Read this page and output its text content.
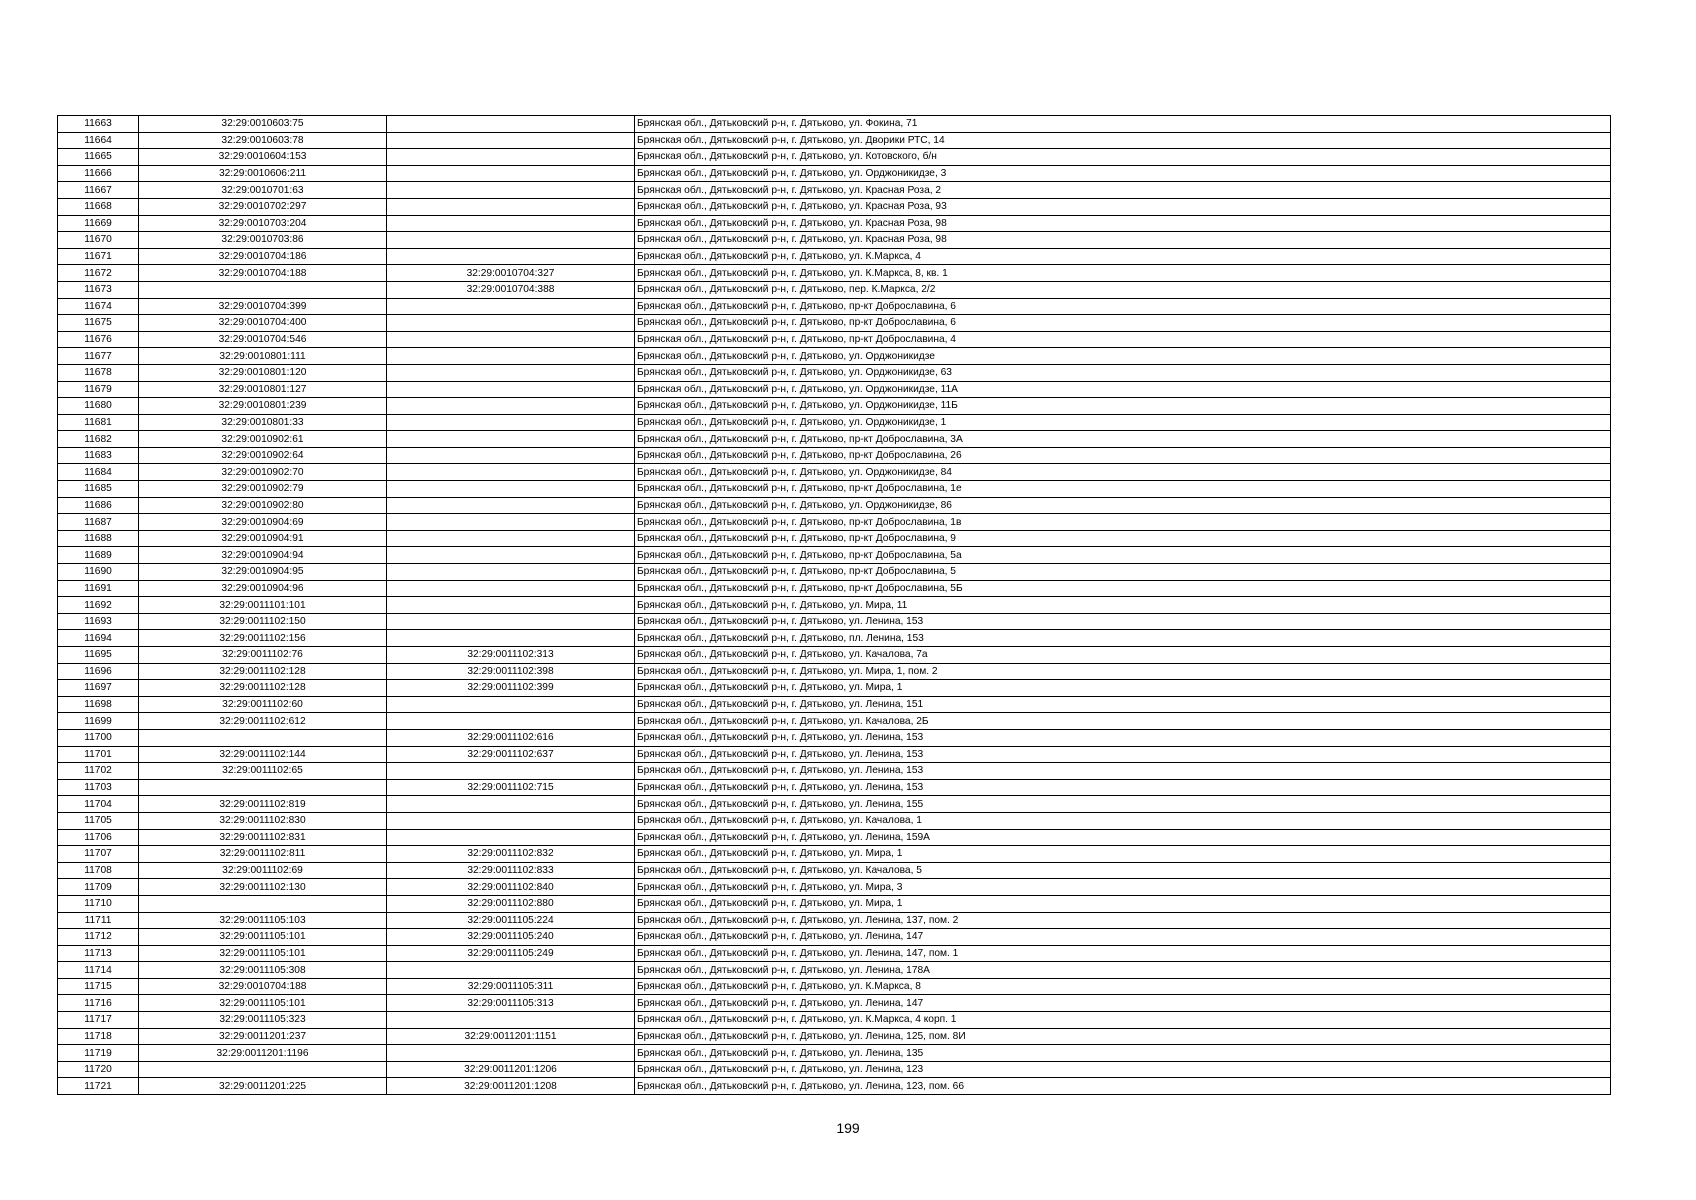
11663	32:29:0010603:75		Брянская обл., Дятьковский р-н, г. Дятьково, ул. Фокина, 71
11664	32:29:0010603:78		Брянская обл., Дятьковский р-н, г. Дятьково, ул. Дворики РТС, 14
11665	32:29:0010604:153		Брянская обл., Дятьковский р-н, г. Дятьково, ул. Котовского, б/н
11666	32:29:0010606:211		Брянская обл., Дятьковский р-н, г. Дятьково, ул. Орджоникидзе, 3
11667	32:29:0010701:63		Брянская обл., Дятьковский р-н, г. Дятьково, ул. Красная Роза, 2
11668	32:29:0010702:297		Брянская обл., Дятьковский р-н, г. Дятьково, ул. Красная Роза, 93
11669	32:29:0010703:204		Брянская обл., Дятьковский р-н, г. Дятьково, ул. Красная Роза, 98
11670	32:29:0010703:86		Брянская обл., Дятьковский р-н, г. Дятьково, ул. Красная Роза, 98
11671	32:29:0010704:186		Брянская обл., Дятьковский р-н, г. Дятьково, ул. К.Маркса, 4
11672	32:29:0010704:188	32:29:0010704:327	Брянская обл., Дятьковский р-н, г. Дятьково, ул. К.Маркса, 8, кв. 1
11673		32:29:0010704:388	Брянская обл., Дятьковский р-н, г. Дятьково, пер. К.Маркса, 2/2
11674	32:29:0010704:399		Брянская обл., Дятьковский р-н, г. Дятьково, пр-кт Доброславина, 6
11675	32:29:0010704:400		Брянская обл., Дятьковский р-н, г. Дятьково, пр-кт Доброславина, 6
11676	32:29:0010704:546		Брянская обл., Дятьковский р-н, г. Дятьково, пр-кт Доброславина, 4
11677	32:29:0010801:111		Брянская обл., Дятьковский р-н, г. Дятьково, ул. Орджоникидзе
11678	32:29:0010801:120		Брянская обл., Дятьковский р-н, г. Дятьково, ул. Орджоникидзе, 63
11679	32:29:0010801:127		Брянская обл., Дятьковский р-н, г. Дятьково, ул. Орджоникидзе, 11А
11680	32:29:0010801:239		Брянская обл., Дятьковский р-н, г. Дятьково, ул. Орджоникидзе, 11Б
11681	32:29:0010801:33		Брянская обл., Дятьковский р-н, г. Дятьково, ул. Орджоникидзе, 1
11682	32:29:0010902:61		Брянская обл., Дятьковский р-н, г. Дятьково, пр-кт Доброславина, 3А
11683	32:29:0010902:64		Брянская обл., Дятьковский р-н, г. Дятьково, пр-кт Доброславина, 26
11684	32:29:0010902:70		Брянская обл., Дятьковский р-н, г. Дятьково, ул. Орджоникидзе, 84
11685	32:29:0010902:79		Брянская обл., Дятьковский р-н, г. Дятьково, пр-кт Доброславина, 1е
11686	32:29:0010902:80		Брянская обл., Дятьковский р-н, г. Дятьково, ул. Орджоникидзе, 86
11687	32:29:0010904:69		Брянская обл., Дятьковский р-н, г. Дятьково, пр-кт Доброславина, 1в
11688	32:29:0010904:91		Брянская обл., Дятьковский р-н, г. Дятьково, пр-кт Доброславина, 9
11689	32:29:0010904:94		Брянская обл., Дятьковский р-н, г. Дятьково, пр-кт Доброславина, 5а
11690	32:29:0010904:95		Брянская обл., Дятьковский р-н, г. Дятьково, пр-кт Доброславина, 5
11691	32:29:0010904:96		Брянская обл., Дятьковский р-н, г. Дятьково, пр-кт Доброславина, 5Б
11692	32:29:0011101:101		Брянская обл., Дятьковский р-н, г. Дятьково, ул. Мира, 11
11693	32:29:0011102:150		Брянская обл., Дятьковский р-н, г. Дятьково, ул. Ленина, 153
11694	32:29:0011102:156		Брянская обл., Дятьковский р-н, г. Дятьково, пл. Ленина, 153
11695	32:29:0011102:76	32:29:0011102:313	Брянская обл., Дятьковский р-н, г. Дятьково, ул. Качалова, 7а
11696	32:29:0011102:128	32:29:0011102:398	Брянская обл., Дятьковский р-н, г. Дятьково, ул. Мира, 1, пом. 2
11697	32:29:0011102:128	32:29:0011102:399	Брянская обл., Дятьковский р-н, г. Дятьково, ул. Мира, 1
11698	32:29:0011102:60		Брянская обл., Дятьковский р-н, г. Дятьково, ул. Ленина, 151
11699	32:29:0011102:612		Брянская обл., Дятьковский р-н, г. Дятьково, ул. Качалова, 2Б
11700		32:29:0011102:616	Брянская обл., Дятьковский р-н, г. Дятьково, ул. Ленина, 153
11701	32:29:0011102:144	32:29:0011102:637	Брянская обл., Дятьковский р-н, г. Дятьково, ул. Ленина, 153
11702	32:29:0011102:65		Брянская обл., Дятьковский р-н, г. Дятьково, ул. Ленина, 153
11703		32:29:0011102:715	Брянская обл., Дятьковский р-н, г. Дятьково, ул. Ленина, 153
11704	32:29:0011102:819		Брянская обл., Дятьковский р-н, г. Дятьково, ул. Ленина, 155
11705	32:29:0011102:830		Брянская обл., Дятьковский р-н, г. Дятьково, ул. Качалова, 1
11706	32:29:0011102:831		Брянская обл., Дятьковский р-н, г. Дятьково, ул. Ленина, 159А
11707	32:29:0011102:811	32:29:0011102:832	Брянская обл., Дятьковский р-н, г. Дятьково, ул. Мира, 1
11708	32:29:0011102:69	32:29:0011102:833	Брянская обл., Дятьковский р-н, г. Дятьково, ул. Качалова, 5
11709	32:29:0011102:130	32:29:0011102:840	Брянская обл., Дятьковский р-н, г. Дятьково, ул. Мира, 3
11710		32:29:0011102:880	Брянская обл., Дятьковский р-н, г. Дятьково, ул. Мира, 1
11711	32:29:0011105:103	32:29:0011105:224	Брянская обл., Дятьковский р-н, г. Дятьково, ул. Ленина, 137, пом. 2
11712	32:29:0011105:101	32:29:0011105:240	Брянская обл., Дятьковский р-н, г. Дятьково, ул. Ленина, 147
11713	32:29:0011105:101	32:29:0011105:249	Брянская обл., Дятьковский р-н, г. Дятьково, ул. Ленина, 147, пом. 1
11714	32:29:0011105:308		Брянская обл., Дятьковский р-н, г. Дятьково, ул. Ленина, 178А
11715	32:29:0010704:188	32:29:0011105:311	Брянская обл., Дятьковский р-н, г. Дятьково, ул. К.Маркса, 8
11716	32:29:0011105:101	32:29:0011105:313	Брянская обл., Дятьковский р-н, г. Дятьково, ул. Ленина, 147
11717	32:29:0011105:323		Брянская обл., Дятьковский р-н, г. Дятьково, ул. К.Маркса, 4 корп. 1
11718	32:29:0011201:237	32:29:0011201:1151	Брянская обл., Дятьковский р-н, г. Дятьково, ул. Ленина, 125, пом. 8И
11719	32:29:0011201:1196		Брянская обл., Дятьковский р-н, г. Дятьково, ул. Ленина, 135
11720		32:29:0011201:1206	Брянская обл., Дятьковский р-н, г. Дятьково, ул. Ленина, 123
11721	32:29:0011201:225	32:29:0011201:1208	Брянская обл., Дятьковский р-н, г. Дятьково, ул. Ленина, 123, пом. 66
199
